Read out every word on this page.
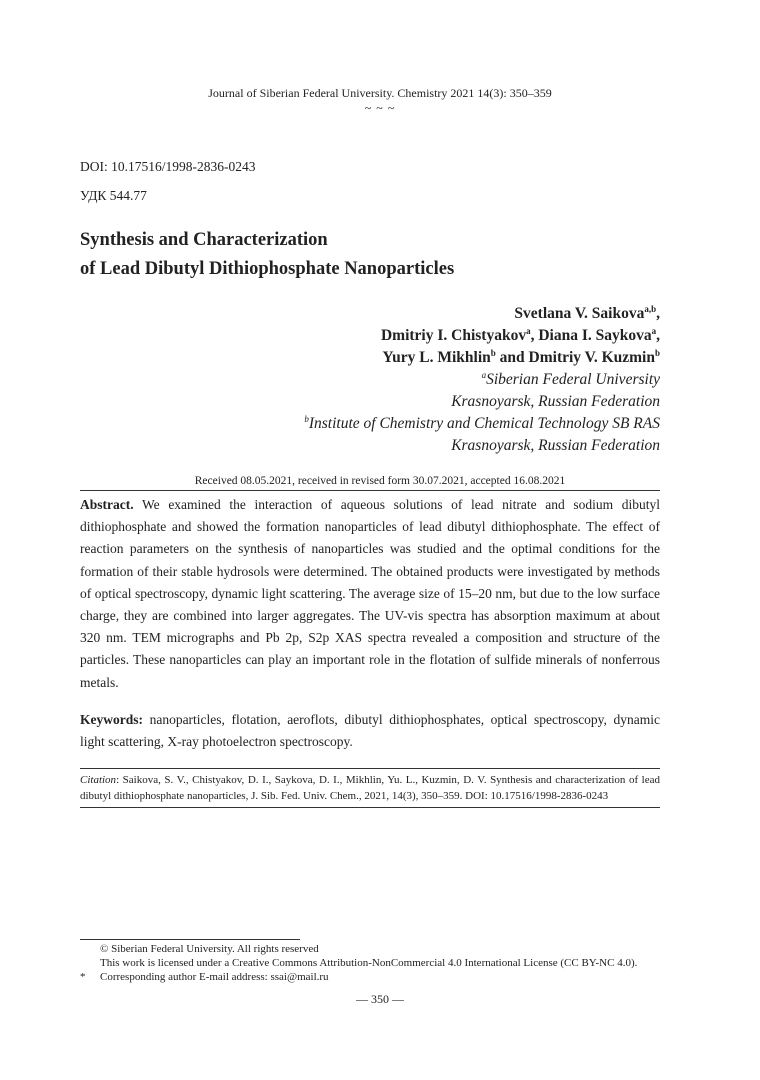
Journal of Siberian Federal University. Chemistry 2021 14(3): 350–359
~ ~ ~
DOI: 10.17516/1998-2836-0243
УДК 544.77
Synthesis and Characterization
of Lead Dibutyl Dithiophosphate Nanoparticles
Svetlana V. Saikova$^{a,b}$,
Dmitriy I. Chistyakov$^a$, Diana I. Saykova$^a$,
Yury L. Mikhlin$^b$ and Dmitriy V. Kuzmin$^b$
$^a$Siberian Federal University
Krasnoyarsk, Russian Federation
$^b$Institute of Chemistry and Chemical Technology SB RAS
Krasnoyarsk, Russian Federation
Received 08.05.2021, received in revised form 30.07.2021, accepted 16.08.2021
Abstract. We examined the interaction of aqueous solutions of lead nitrate and sodium dibutyl dithiophosphate and showed the formation nanoparticles of lead dibutyl dithiophosphate. The effect of reaction parameters on the synthesis of nanoparticles was studied and the optimal conditions for the formation of their stable hydrosols were determined. The obtained products were investigated by methods of optical spectroscopy, dynamic light scattering. The average size of 15–20 nm, but due to the low surface charge, they are combined into larger aggregates. The UV-vis spectra has absorption maximum at about 320 nm. TEM micrographs and Pb 2p, S2p XAS spectra revealed a composition and structure of the particles. These nanoparticles can play an important role in the flotation of sulfide minerals of nonferrous metals.
Keywords: nanoparticles, flotation, aeroflots, dibutyl dithiophosphates, optical spectroscopy, dynamic light scattering, X-ray photoelectron spectroscopy.
Citation: Saikova, S. V., Chistyakov, D. I., Saykova, D. I., Mikhlin, Yu. L., Kuzmin, D. V. Synthesis and characterization of lead dibutyl dithiophosphate nanoparticles, J. Sib. Fed. Univ. Chem., 2021, 14(3), 350–359. DOI: 10.17516/1998-2836-0243
© Siberian Federal University. All rights reserved
This work is licensed under a Creative Commons Attribution-NonCommercial 4.0 International License (CC BY-NC 4.0).
* Corresponding author E-mail address: ssai@mail.ru
— 350 —
